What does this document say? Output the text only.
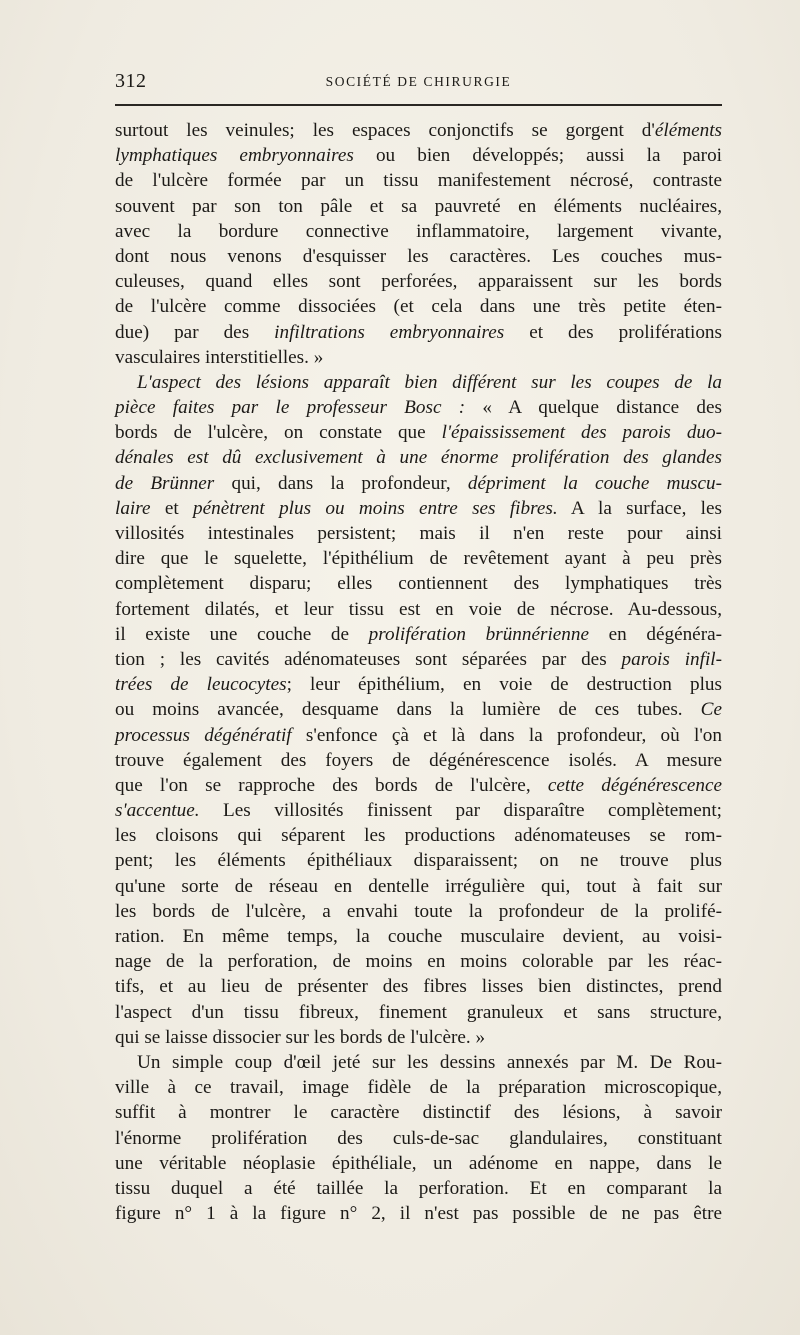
312	SOCIÉTÉ DE CHIRURGIE
surtout les veinules; les espaces conjonctifs se gorgent d'éléments
lymphatiques embryonnaires ou bien développés; aussi la paroi
de l'ulcère formée par un tissu manifestement nécrosé, contraste
souvent par son ton pâle et sa pauvreté en éléments nucléaires,
avec la bordure connective inflammatoire, largement vivante,
dont nous venons d'esquisser les caractères. Les couches mus-
culeuses, quand elles sont perforées, apparaissent sur les bords
de l'ulcère comme dissociées (et cela dans une très petite éten-
due) par des infiltrations embryonnaires et des proliférations
vasculaires interstitielles. »
L'aspect des lésions apparaît bien différent sur les coupes de la
pièce faites par le professeur Bosc : « A quelque distance des
bords de l'ulcère, on constate que l'épaississement des parois duo-
dénales est dû exclusivement à une énorme prolifération des glandes
de Brünner qui, dans la profondeur, dépriment la couche muscu-
laire et pénètrent plus ou moins entre ses fibres. A la surface, les
villosités intestinales persistent; mais il n'en reste pour ainsi
dire que le squelette, l'épithélium de revêtement ayant à peu près
complètement disparu; elles contiennent des lymphatiques très
fortement dilatés, et leur tissu est en voie de nécrose. Au-dessous,
il existe une couche de prolifération brünnérienne en dégénéra-
tion ; les cavités adénomateuses sont séparées par des parois infil-
trées de leucocytes; leur épithélium, en voie de destruction plus
ou moins avancée, desquame dans la lumière de ces tubes. Ce
processus dégénératif s'enfonce çà et là dans la profondeur, où l'on
trouve également des foyers de dégénérescence isolés. A mesure
que l'on se rapproche des bords de l'ulcère, cette dégénérescence
s'accentue. Les villosités finissent par disparaître complètement;
les cloisons qui séparent les productions adénomateuses se rom-
pent; les éléments épithéliaux disparaissent; on ne trouve plus
qu'une sorte de réseau en dentelle irrégulière qui, tout à fait sur
les bords de l'ulcère, a envahi toute la profondeur de la prolifé-
ration. En même temps, la couche musculaire devient, au voisi-
nage de la perforation, de moins en moins colorable par les réac-
tifs, et au lieu de présenter des fibres lisses bien distinctes, prend
l'aspect d'un tissu fibreux, finement granuleux et sans structure,
qui se laisse dissocier sur les bords de l'ulcère. »
Un simple coup d'œil jeté sur les dessins annexés par M. De Rou-
ville à ce travail, image fidèle de la préparation microscopique,
suffit à montrer le caractère distinctif des lésions, à savoir
l'énorme prolifération des culs-de-sac glandulaires, constituant
une véritable néoplasie épithéliale, un adénome en nappe, dans le
tissu duquel a été taillée la perforation. Et en comparant la
figure n° 1 à la figure n° 2, il n'est pas possible de ne pas être
